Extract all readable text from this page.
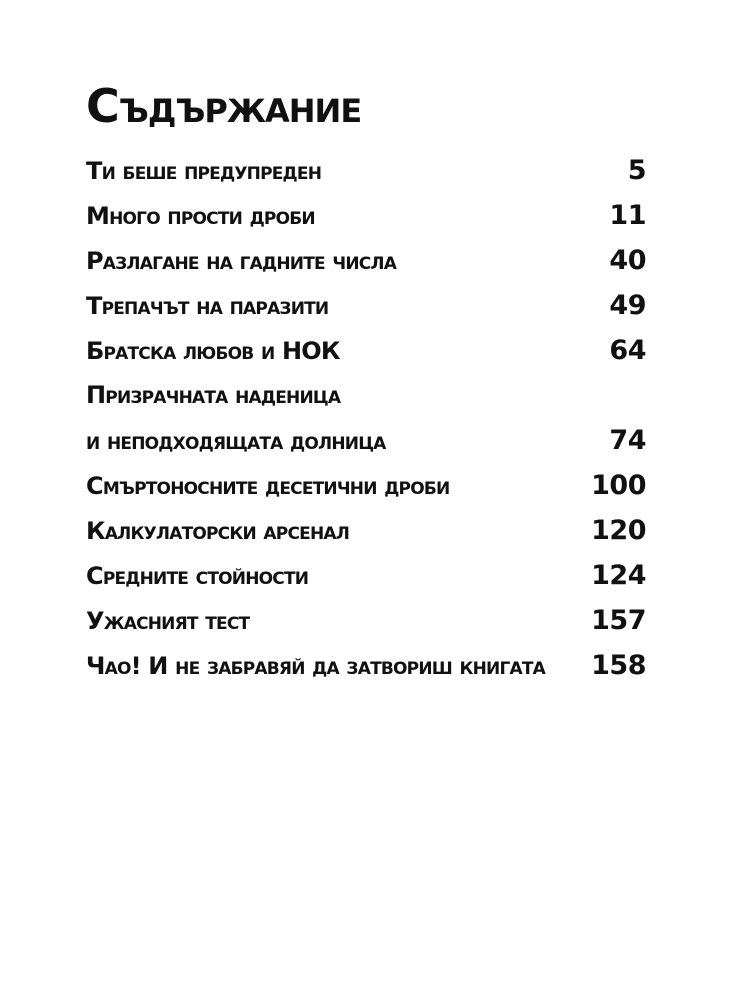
Съдържание
Ти беше предупреден	5
Много прости дроби	11
Разлагане на гадните числа	40
Трепачът на паразити	49
Братска любов и НОК	64
Призрачната наденица
и неподходящата долница	74
Смъртоносните десетични дроби	100
Калкулаторски арсенал	120
Средните стойности	124
Ужасният тест	157
Чао! И не забравяй да затвориш книгата 158
